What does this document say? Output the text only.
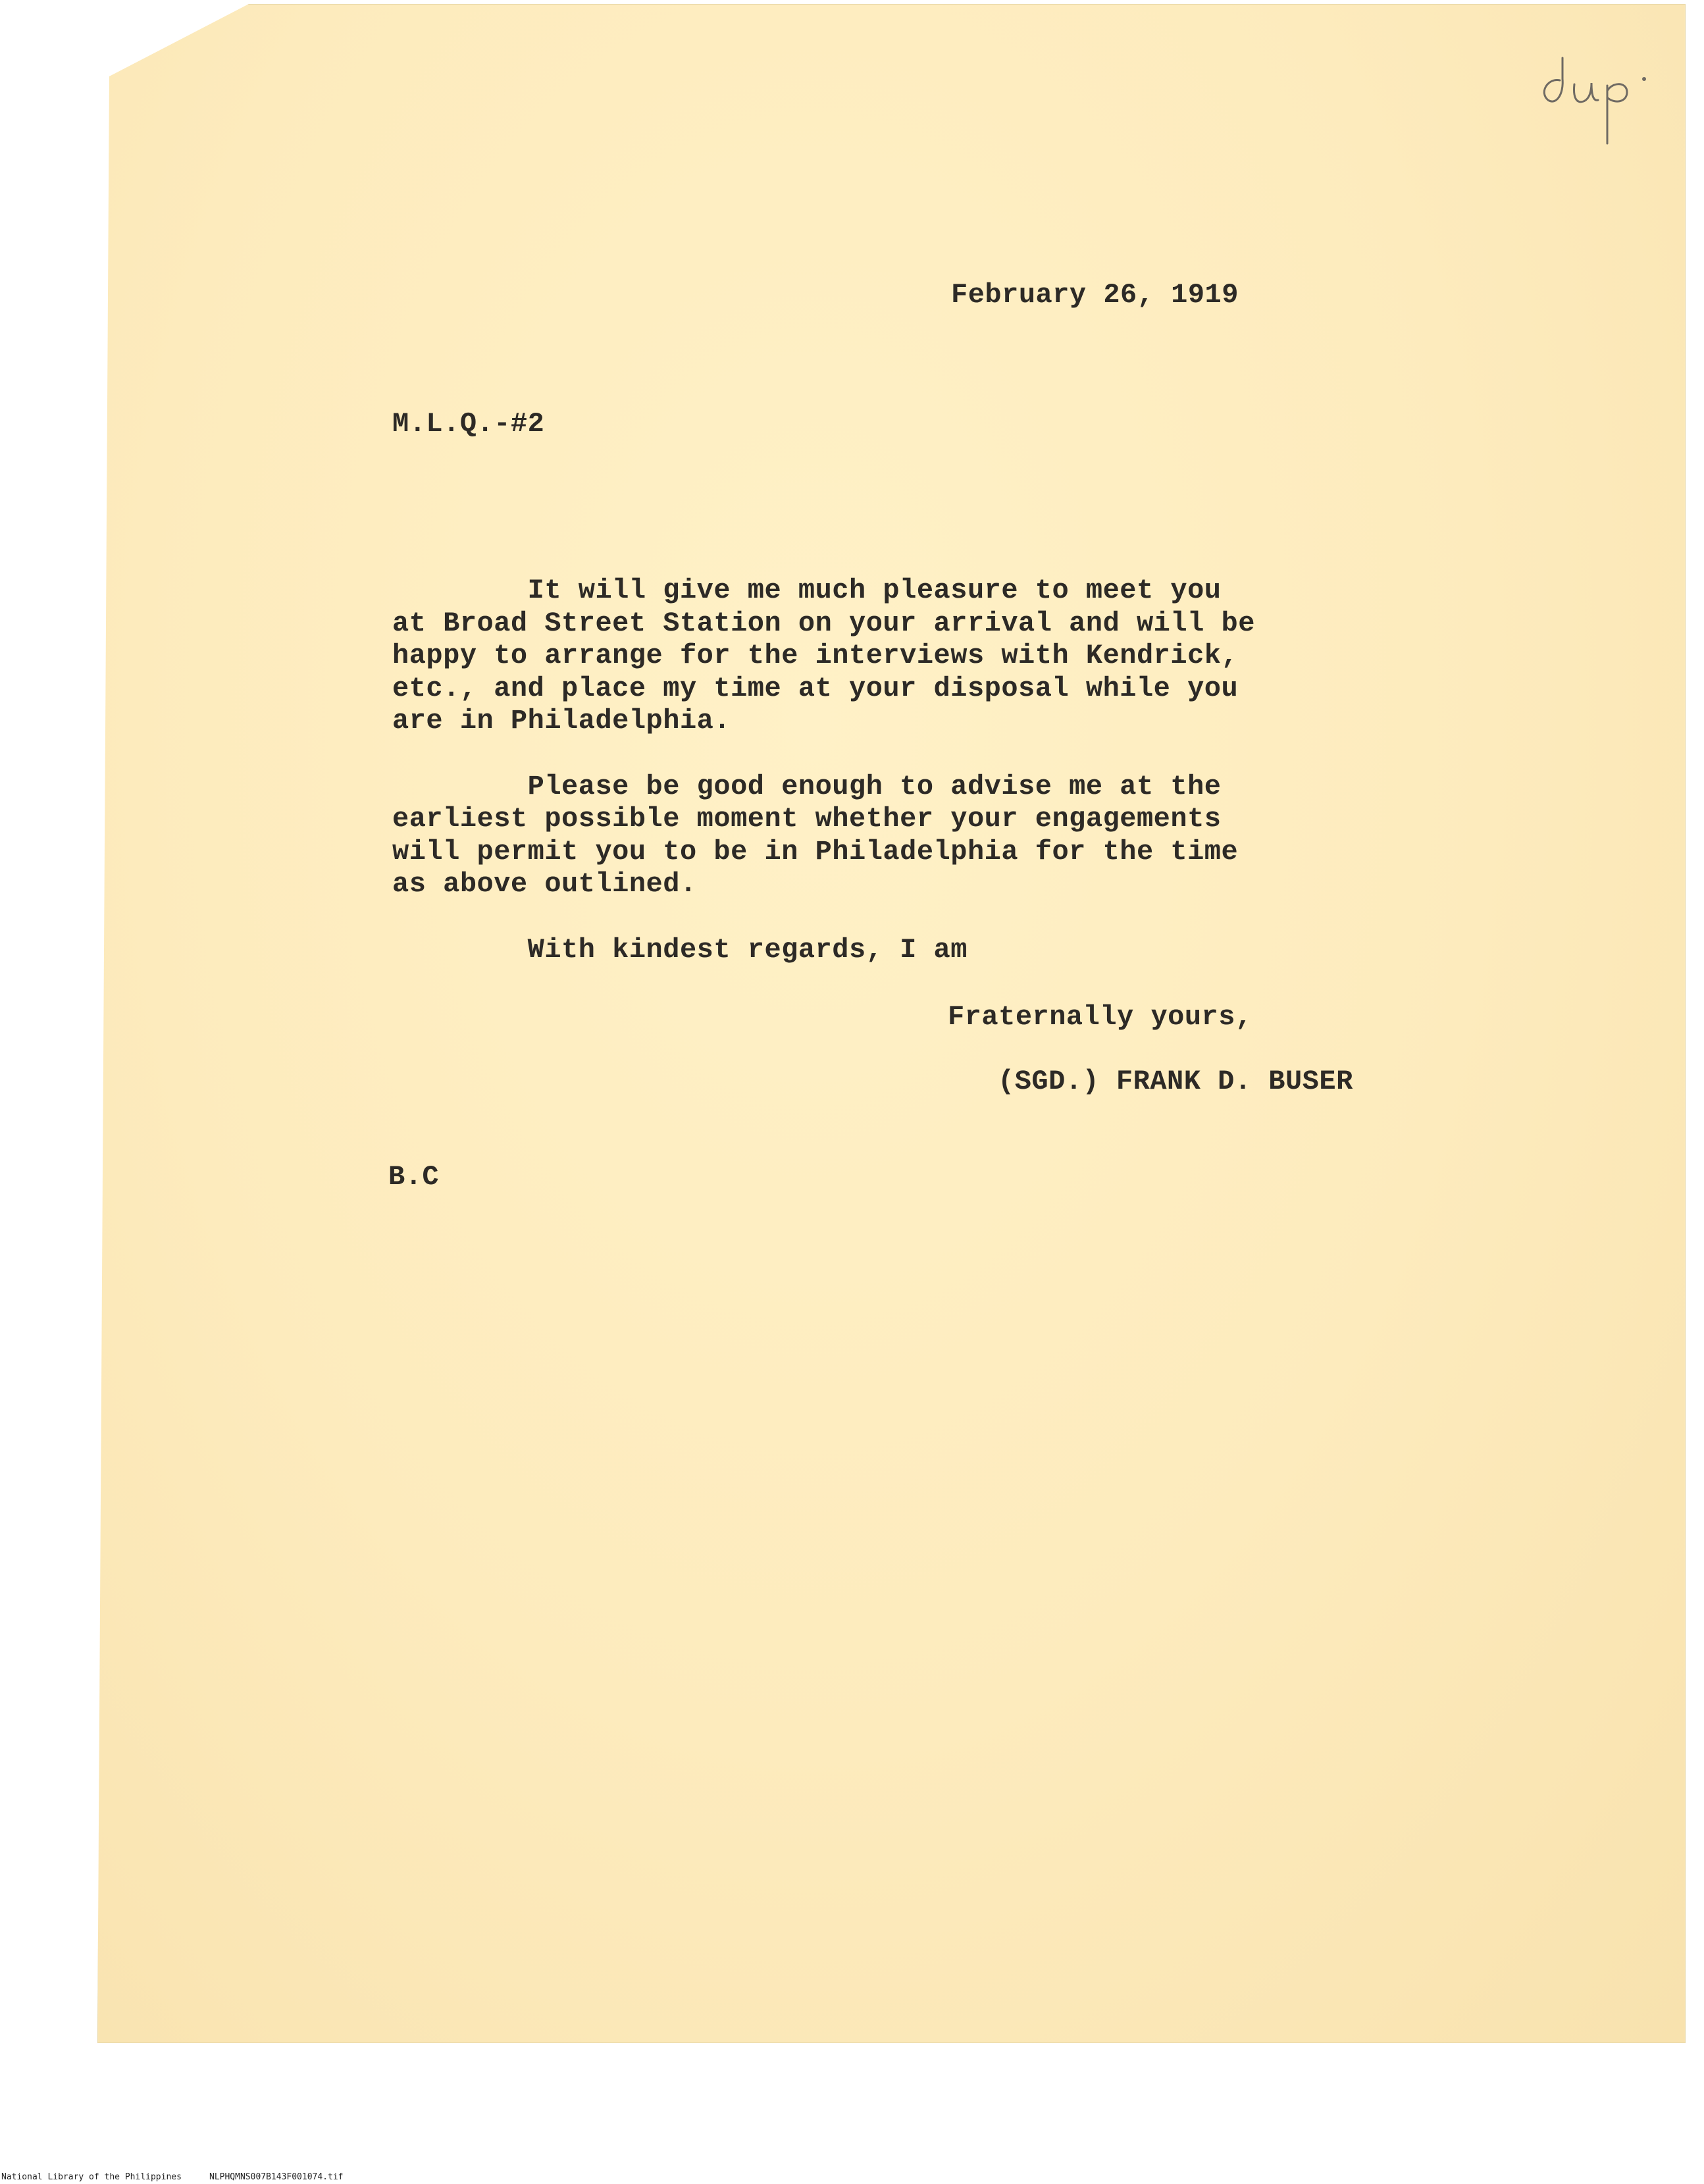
February 26, 1919
M.L.Q.-#2
It will give me much pleasure to meet you
at Broad Street Station on your arrival and will be
happy to arrange for the interviews with Kendrick,
etc., and place my time at your disposal while you
are in Philadelphia.
Please be good enough to advise me at the
earliest possible moment whether your engagements
will permit you to be in Philadelphia for the time
as above outlined.
With kindest regards, I am
Fraternally yours,
(SGD.) FRANK D. BUSER
B.C
National Library of the Philippines	NLPHQMNS007B143F001074.tif
